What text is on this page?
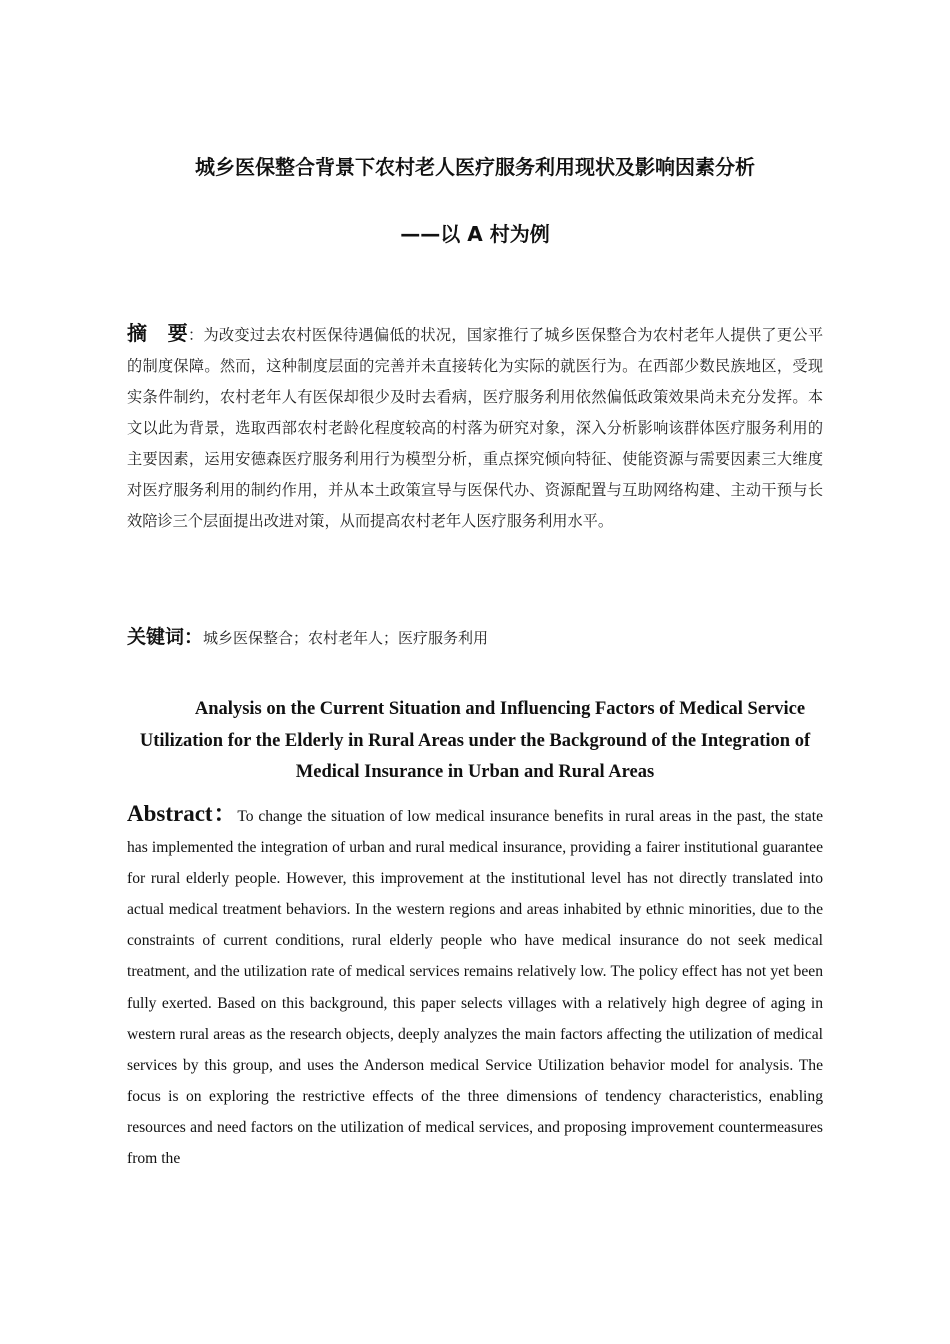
城乡医保整合背景下农村老人医疗服务利用现状及影响因素分析
——以 A 村为例
摘　要：为改变过去农村医保待遇偏低的状况，国家推行了城乡医保整合为农村老年人提供了更公平的制度保障。然而，这种制度层面的完善并未直接转化为实际的就医行为。在西部少数民族地区，受现实条件制约，农村老年人有医保却很少及时去看病，医疗服务利用依然偏低政策效果尚未充分发挥。本文以此为背景，选取西部农村老龄化程度较高的村落为研究对象，深入分析影响该群体医疗服务利用的主要因素，运用安德森医疗服务利用行为模型分析，重点探究倾向特征、使能资源与需要因素三大维度对医疗服务利用的制约作用，并从本土政策宣导与医保代办、资源配置与互助网络构建、主动干预与长效陪诊三个层面提出改进对策，从而提高农村老年人医疗服务利用水平。
关键词：城乡医保整合；农村老年人；医疗服务利用
Analysis on the Current Situation and Influencing Factors of Medical Service Utilization for the Elderly in Rural Areas under the Background of the Integration of Medical Insurance in Urban and Rural Areas
Abstract：To change the situation of low medical insurance benefits in rural areas in the past, the state has implemented the integration of urban and rural medical insurance, providing a fairer institutional guarantee for rural elderly people. However, this improvement at the institutional level has not directly translated into actual medical treatment behaviors. In the western regions and areas inhabited by ethnic minorities, due to the constraints of current conditions, rural elderly people who have medical insurance do not seek medical treatment, and the utilization rate of medical services remains relatively low. The policy effect has not yet been fully exerted. Based on this background, this paper selects villages with a relatively high degree of aging in western rural areas as the research objects, deeply analyzes the main factors affecting the utilization of medical services by this group, and uses the Anderson medical Service Utilization behavior model for analysis. The focus is on exploring the restrictive effects of the three dimensions of tendency characteristics, enabling resources and need factors on the utilization of medical services, and proposing improvement countermeasures from the
